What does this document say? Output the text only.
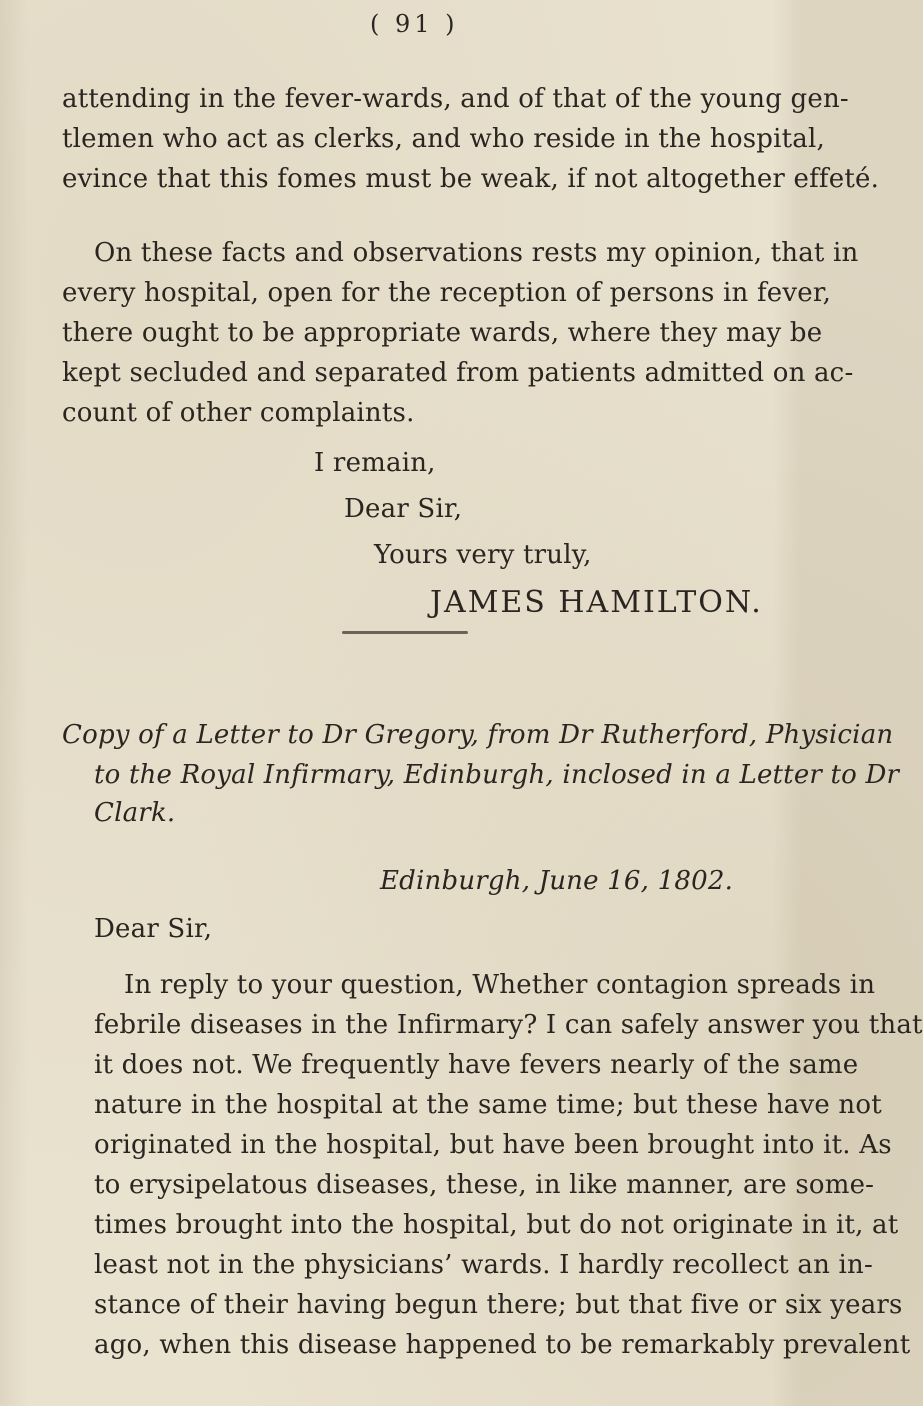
( 91 )
attending in the fever-wards, and of that of the young gen-
tlemen who act as clerks, and who reside in the hospital,
evince that this fomes must be weak, if not altogether effeté.
On these facts and observations rests my opinion, that in
every hospital, open for the reception of persons in fever,
there ought to be appropriate wards, where they may be
kept secluded and separated from patients admitted on ac-
count of other complaints.
I remain,
Dear Sir,
Yours very truly,
JAMES HAMILTON.
Copy of a Letter to Dr Gregory, from Dr Rutherford, Physician
to the Royal Infirmary, Edinburgh, inclosed in a Letter to Dr
Clark.
Edinburgh, June 16, 1802.
Dear Sir,
In reply to your question, Whether contagion spreads in
febrile diseases in the Infirmary? I can safely answer you that
it does not. We frequently have fevers nearly of the same
nature in the hospital at the same time; but these have not
originated in the hospital, but have been brought into it. As
to erysipelatous diseases, these, in like manner, are some-
times brought into the hospital, but do not originate in it, at
least not in the physicians’ wards. I hardly recollect an in-
stance of their having begun there; but that five or six years
ago, when this disease happened to be remarkably prevalent
